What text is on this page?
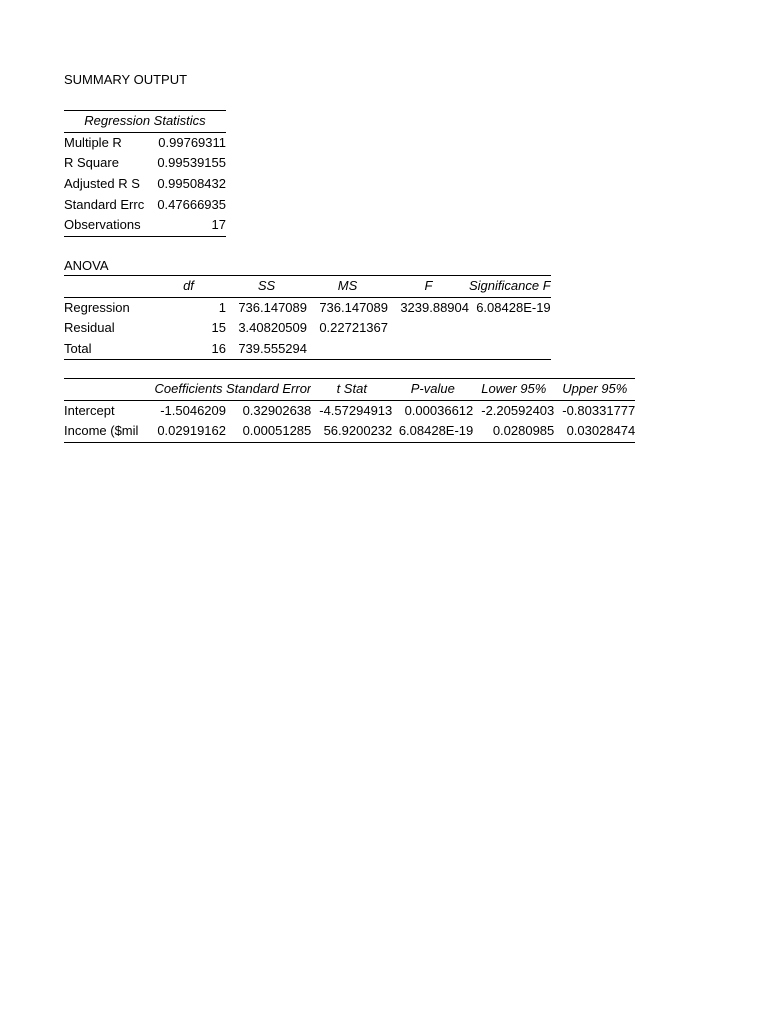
SUMMARY OUTPUT
Regression Statistics	
Multiple R	0.99769311
R Square	0.99539155
Adjusted R S	0.99508432
Standard Errc	0.47666935
Observations	17
ANOVA
	df	SS	MS	F	Significance F
Regression	1	736.147089	736.147089	3239.88904	6.08428E-19
Residual	15	3.40820509	0.22721367		
Total	16	739.555294			
	Coefficients	Standard Error	t Stat	P-value	Lower 95%	Upper 95%
Intercept	-1.5046209	0.32902638	-4.57294913	0.00036612	-2.20592403	-0.80331777
Income ($mil	0.02919162	0.00051285	56.9200232	6.08428E-19	0.0280985	0.03028474
